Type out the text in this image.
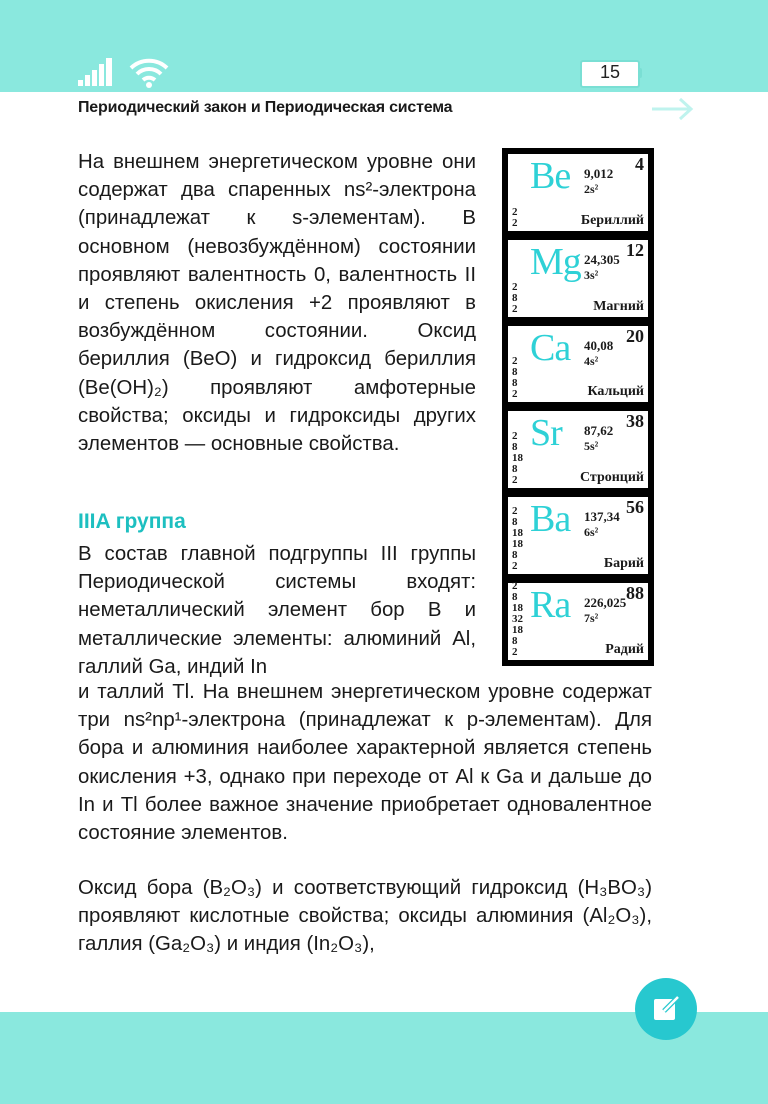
15
Периодический закон и Периодическая система
На внешнем энергетическом уровне они содержат два спаренных ns²-электрона (принадлежат к s-элементам). В основном (невозбуждённом) состоянии проявляют валентность 0, валентность II и степень окисления +2 проявляют в возбуждённом состоянии. Оксид бериллия (BeO) и гидроксид бериллия (Be(OH)₂) проявляют амфотерные свойства; оксиды и гидроксиды других элементов — основные свойства.
IIIA группа
В состав главной подгруппы III группы Периодической системы входят: неметаллический элемент бор B и металлические элементы: алюминий Al, галлий Ga, индий In
и таллий Tl. На внешнем энергетическом уровне содержат три ns²np¹-электрона (принадлежат к p-элементам). Для бора и алюминия наиболее характерной является степень окисления +3, однако при переходе от Al к Ga и дальше до In и Tl более важное значение приобретает одновалентное состояние элементов.
Оксид бора (B₂O₃) и соответствующий гидроксид (H₃BO₃) проявляют кислотные свойства; оксиды алюминия (Al₂O₃), галлия (Ga₂O₃) и индия (In₂O₃),
Be 9,012
2s²
4
2
2	Бериллий
Mg 24,305
3s²
12
2
8
2	Магний
Ca 40,08
4s²
20
2
8
8
2	Кальций
Sr 87,62
5s²
38
2
8
18
8
2	Стронций
Ba 137,34
6s²
56
2
8
18
18
8
2	Барий
Ra 226,025
7s²
88
2
8
18
32
18
8
2	Радий
